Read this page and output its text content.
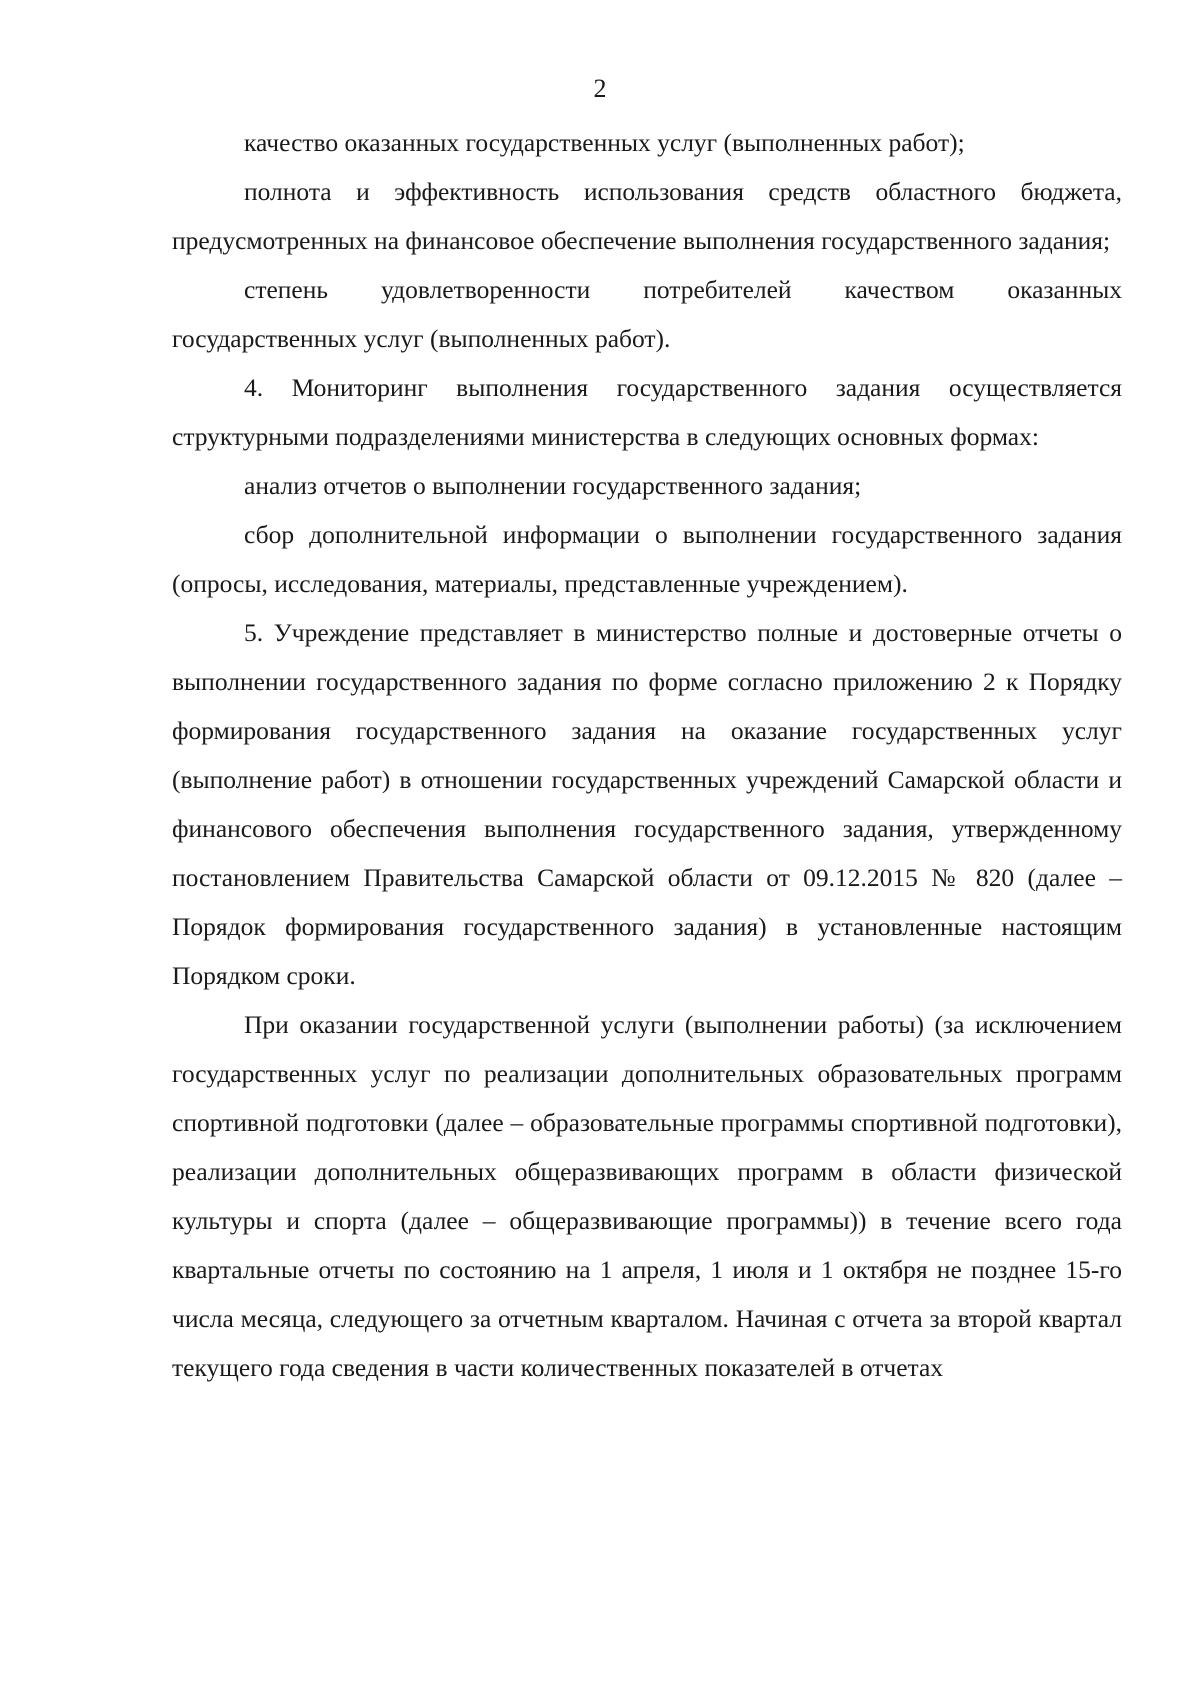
2

качество оказанных государственных услуг (выполненных работ);

полнота и эффективность использования средств областного бюджета, предусмотренных на финансовое обеспечение выполнения государственного задания;

степень удовлетворенности потребителей качеством оказанных государственных услуг (выполненных работ).

4. Мониторинг выполнения государственного задания осуществляется структурными подразделениями министерства в следующих основных формах:

анализ отчетов о выполнении государственного задания;

сбор дополнительной информации о выполнении государственного задания (опросы, исследования, материалы, представленные учреждением).

5. Учреждение представляет в министерство полные и достоверные отчеты о выполнении государственного задания по форме согласно приложению 2 к Порядку формирования государственного задания на оказание государственных услуг (выполнение работ) в отношении государственных учреждений Самарской области и финансового обеспечения выполнения государственного задания, утвержденному постановлением Правительства Самарской области от 09.12.2015 № 820 (далее – Порядок формирования государственного задания) в установленные настоящим Порядком сроки.

При оказании государственной услуги (выполнении работы) (за исключением государственных услуг по реализации дополнительных образовательных программ спортивной подготовки (далее – образовательные программы спортивной подготовки), реализации дополнительных общеразвивающих программ в области физической культуры и спорта (далее – общеразвивающие программы)) в течение всего года квартальные отчеты по состоянию на 1 апреля, 1 июля и 1 октября не позднее 15-го числа месяца, следующего за отчетным кварталом. Начиная с отчета за второй квартал текущего года сведения в части количественных показателей в отчетах
